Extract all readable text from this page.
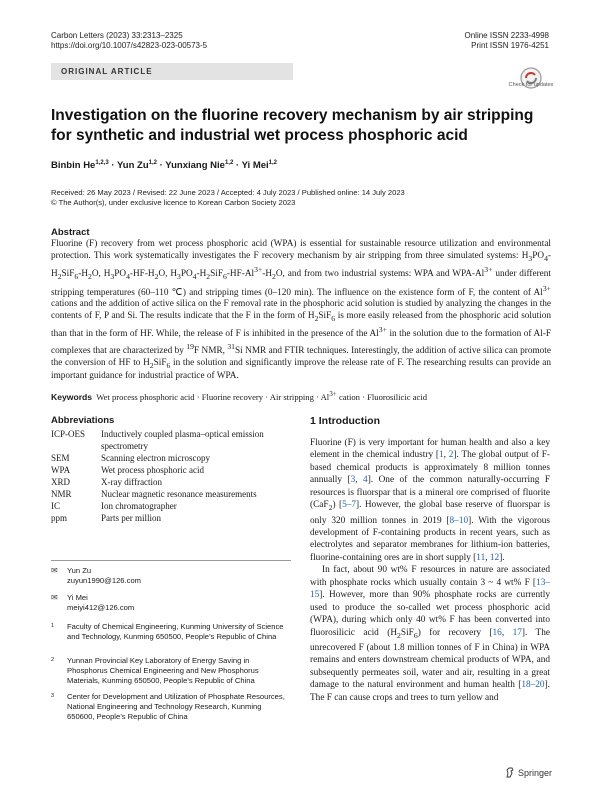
Carbon Letters (2023) 33:2313–2325
https://doi.org/10.1007/s42823-023-00573-5
Online ISSN 2233-4998
Print ISSN 1976-4251
ORIGINAL ARTICLE
Check for updates
Investigation on the fluorine recovery mechanism by air stripping for synthetic and industrial wet process phosphoric acid
Binbin He$^{1,2,3}$ · Yun Zu$^{1,2}$ · Yunxiang Nie$^{1,2}$ · Yi Mei$^{1,2}$
Received: 26 May 2023 / Revised: 22 June 2023 / Accepted: 4 July 2023 / Published online: 14 July 2023
© The Author(s), under exclusive licence to Korean Carbon Society 2023
Abstract
Fluorine (F) recovery from wet process phosphoric acid (WPA) is essential for sustainable resource utilization and environmental protection. This work systematically investigates the F recovery mechanism by air stripping from three simulated systems: $H_3PO_4-H_2SiF_6-H_2O$, $H_3PO_4-HF-H_2O$, $H_3PO_4-H_2SiF_6-HF-Al^{3+}-H_2O$, and from two industrial systems: WPA and WPA-$Al^{3+}$ under different stripping temperatures (60–110 ℃) and stripping times (0–120 min). The influence on the existence form of F, the content of $Al^{3+}$ cations and the addition of active silica on the F removal rate in the phosphoric acid solution is studied by analyzing the changes in the contents of F, P and Si. The results indicate that the F in the form of $H_2SiF_6$ is more easily released from the phosphoric acid solution than that in the form of HF. While, the release of F is inhibited in the presence of the $Al^{3+}$ in the solution due to the formation of Al-F complexes that are characterized by $^{19}$F NMR, $^{31}$Si NMR and FTIR techniques. Interestingly, the addition of active silica can promote the conversion of HF to $H_2SiF_6$ in the solution and significantly improve the release rate of F. The researching results can provide an important guidance for industrial practice of WPA.
Keywords  Wet process phosphoric acid · Fluorine recovery · Air stripping · $Al^{3+}$ cation · Fluorosilicic acid
Abbreviations
ICP-OES	Inductively coupled plasma–optical emission spectrometry
SEM	Scanning electron microscopy
WPA	Wet process phosphoric acid
XRD	X-ray diffraction
NMR	Nuclear magnetic resonance measurements
IC	Ion chromatographer
ppm	Parts per million
✉ Yun Zu
zuyun1990@126.com
✉ Yi Mei
meiyi412@126.com
1	Faculty of Chemical Engineering, Kunming University of Science and Technology, Kunming 650500, People’s Republic of China
2	Yunnan Provincial Key Laboratory of Energy Saving in Phosphorus Chemical Engineering and New Phosphorus Materials, Kunming 650500, People’s Republic of China
3	Center for Development and Utilization of Phosphate Resources, National Engineering and Technology Research, Kunming 650600, People’s Republic of China
1 Introduction

Fluorine (F) is very important for human health and also a key element in the chemical industry [1, 2]. The global output of F-based chemical products is approximately 8 million tonnes annually [3, 4]. One of the common naturally-occurring F resources is fluorspar that is a mineral ore comprised of fluorite (CaF$_2$) [5–7]. However, the global base reserve of fluorspar is only 320 million tonnes in 2019 [8–10]. With the vigorous development of F-containing products in recent years, such as electrolytes and separator membranes for lithium-ion batteries, fluorine-containing ores are in short supply [11, 12].

In fact, about 90 wt% F resources in nature are associated with phosphate rocks which usually contain 3 ~ 4 wt% F [13–15]. However, more than 90% phosphate rocks are currently used to produce the so-called wet process phosphoric acid (WPA), during which only 40 wt% F has been converted into fluorosilicic acid $(H_2SiF_6)$ for recovery [16, 17]. The unrecovered F (about 1.8 million tonnes of F in China) in WPA remains and enters downstream chemical products of WPA, and subsequently permeates soil, water and air, resulting in a great damage to the natural environment and human health [18–20]. The F can cause crops and trees to turn yellow and

Springer
